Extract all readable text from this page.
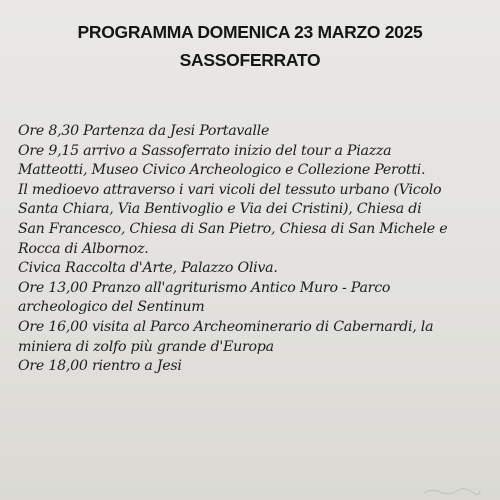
PROGRAMMA DOMENICA 23 MARZO 2025
SASSOFERRATO
Ore 8,30 Partenza da Jesi Portavalle
Ore 9,15 arrivo a Sassoferrato inizio del tour a Piazza
Matteotti, Museo Civico Archeologico e Collezione Perotti.
Il medioevo attraverso i vari vicoli del tessuto urbano (Vicolo
Santa Chiara, Via Bentivoglio e Via dei Cristini), Chiesa di
San Francesco, Chiesa di San Pietro, Chiesa di San Michele e
Rocca di Albornoz.
Civica Raccolta d'Arte, Palazzo Oliva.
Ore 13,00 Pranzo all'agriturismo Antico Muro - Parco
archeologico del Sentinum
Ore 16,00 visita al Parco Archeominerario di Cabernardi, la
miniera di zolfo più grande d'Europa
Ore 18,00 rientro a Jesi
